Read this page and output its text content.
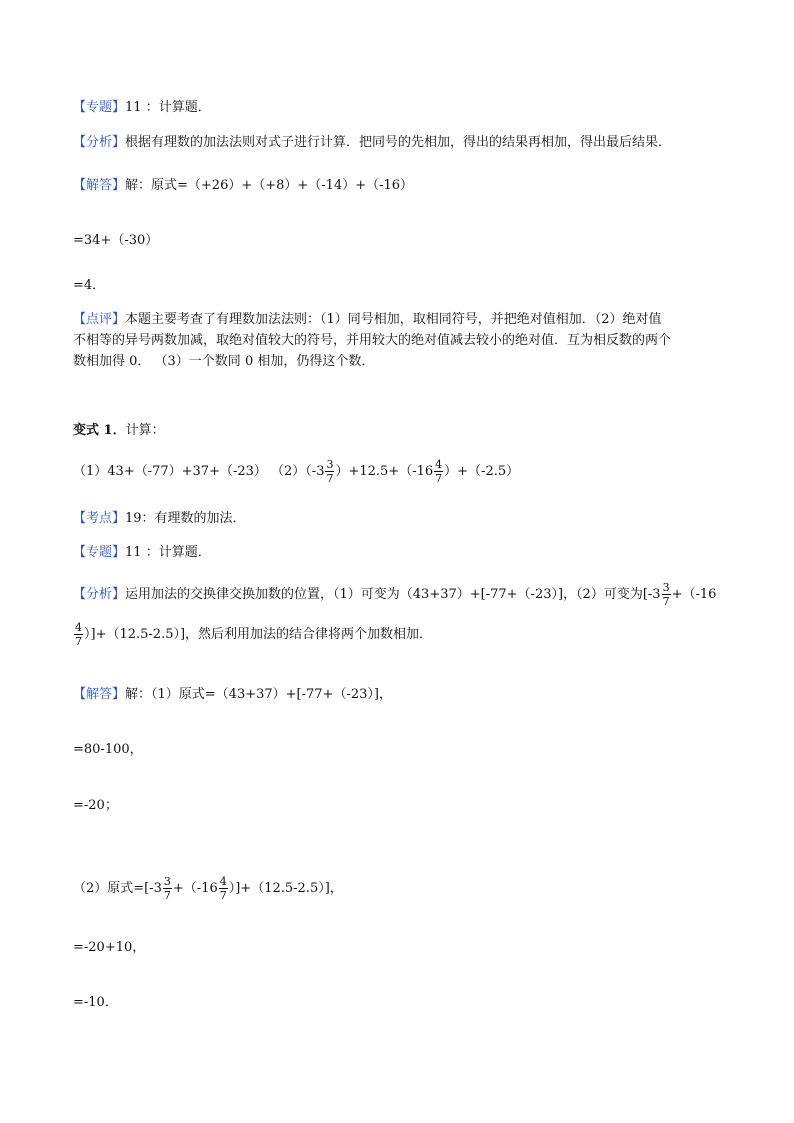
【专题】11 ：计算题．
【分析】根据有理数的加法法则对式子进行计算．把同号的先相加，得出的结果再相加，得出最后结果．
【解答】解：原式=（+26）+（+8）+（-14）+（-16）
=34+（-30）
=4．
【点评】本题主要考查了有理数加法法则：（1）同号相加，取相同符号，并把绝对值相加．（2）绝对值
不相等的异号两数加减，取绝对值较大的符号，并用较大的绝对值减去较小的绝对值．互为相反数的两个
数相加得 0． （3）一个数同 0 相加，仍得这个数．
变式 1．计算：
（1）43+（-77）+37+（-23） $(2)(-3 \frac{3}{7} )+12.5+(-16 \frac{4}{7} )+(-2.5)$
【考点】19：有理数的加法．
【专题】11 ：计算题．
【分析】运用加法的交换律交换加数的位置，（1）可变为（43+37）+[-77+（-23）]，（2）可变为[$-3 \frac{3}{7} +(-16$
$\frac{4}{7} )]+(12.5-2.5)$]，然后利用加法的结合律将两个加数相加．
【解答】解：（1）原式=（43+37）+[-77+（-23）]，
=80-100，
=-20；
（2）原式$=[-3 \frac{3}{7} +(-16 \frac{4}{7} )]+(12.5-2.5)$]，
=-20+10，
=-10．
